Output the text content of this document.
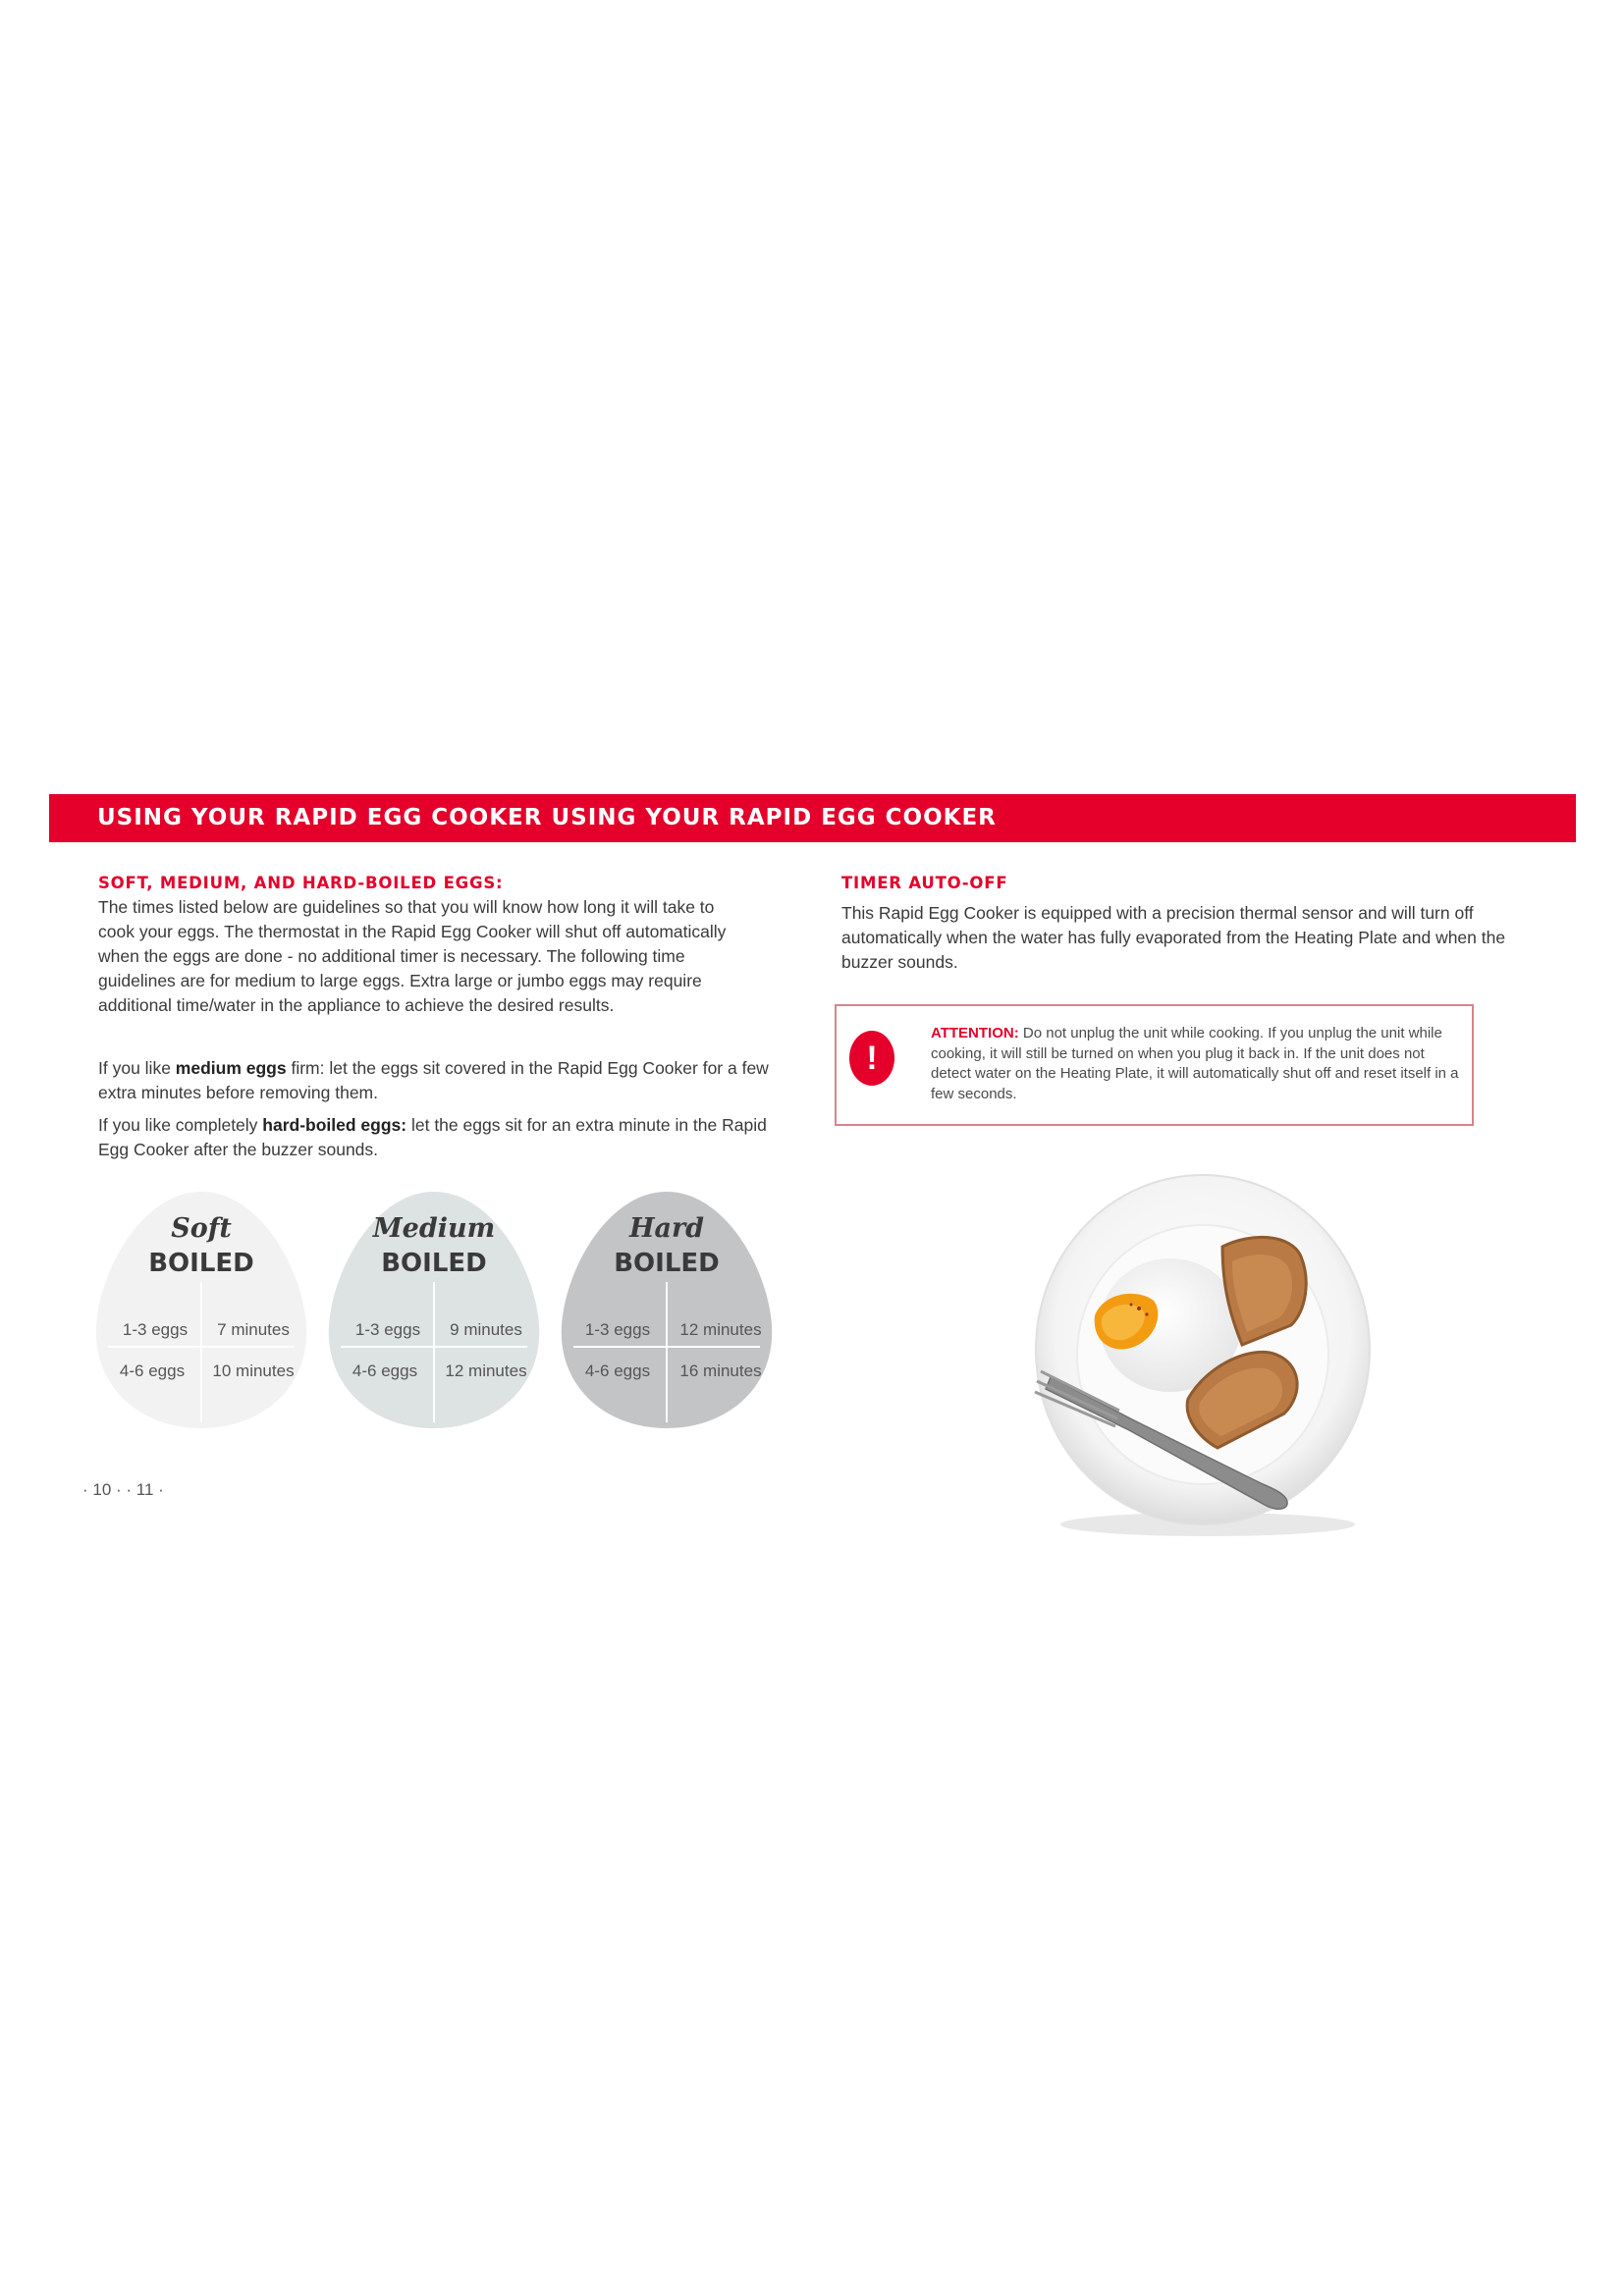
USING YOUR RAPID EGG COOKER USING YOUR RAPID EGG COOKER
SOFT, MEDIUM, AND HARD-BOILED EGGS:

The times listed below are guidelines so that you will know how long it will take to cook your eggs. The thermostat in the Rapid Egg Cooker will shut off automatically when the eggs are done - no additional timer is necessary. The following time guidelines are for medium to large eggs. Extra large or jumbo eggs may require additional time/water in the appliance to achieve the desired results.

If you like medium eggs firm: let the eggs sit covered in the Rapid Egg Cooker for a few extra minutes before removing them.

If you like completely hard-boiled eggs: let the eggs sit for an extra minute in the Rapid Egg Cooker after the buzzer sounds.

TIMER AUTO-OFF

This Rapid Egg Cooker is equipped with a precision thermal sensor and will turn off automatically when the water has fully evaporated from the Heating Plate and when the buzzer sounds.

!

ATTENTION: Do not unplug the unit while cooking. If you unplug the unit while cooking, it will still be turned on when you plug it back in. If the unit does not detect water on the Heating Plate, it will automatically shut off and reset itself in a few seconds.

Soft
BOILED
1-3 eggs	7 minutes
4-6 eggs	10 minutes
Medium
BOILED
1-3 eggs	9 minutes
4-6 eggs	12 minutes
Hard
BOILED
1-3 eggs	12 minutes
4-6 eggs	16 minutes
· 10 · · 11 ·
